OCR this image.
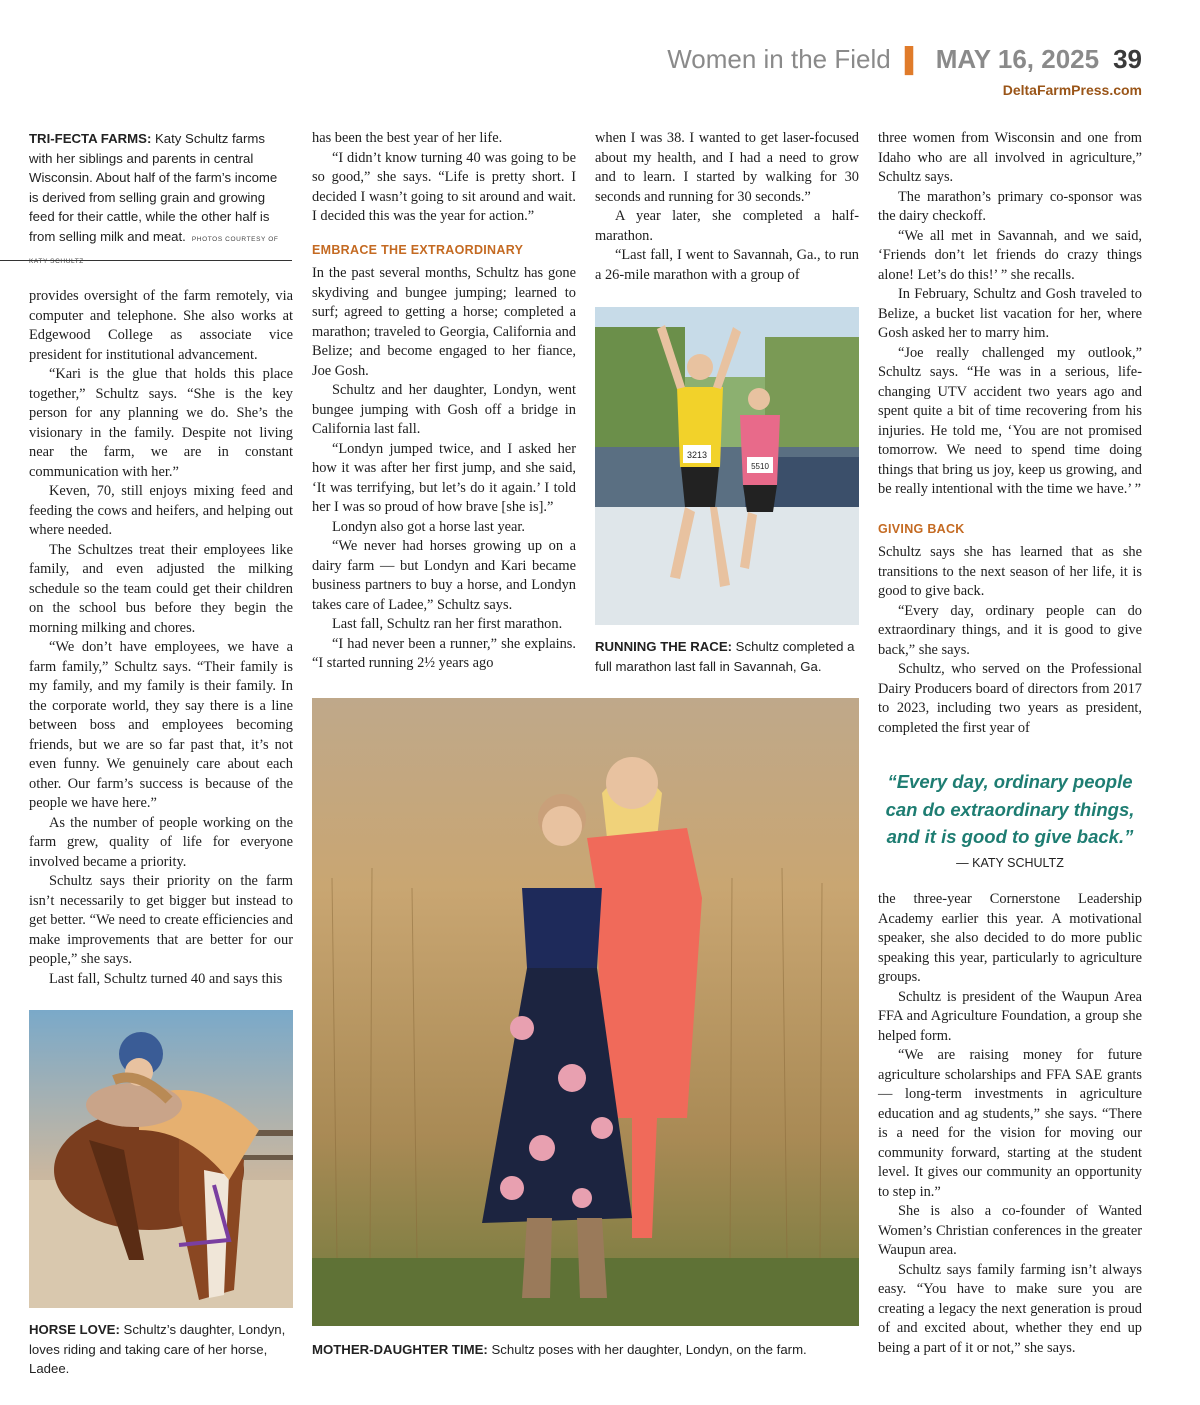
Women in the Field ▌ MAY 16, 2025 39
DeltaFarmPress.com
TRI-FECTA FARMS: Katy Schultz farms with her siblings and parents in central Wisconsin. About half of the farm’s income is derived from selling grain and growing feed for their cattle, while the other half is from selling milk and meat. PHOTOS COURTESY OF KATY SCHULTZ

provides oversight of the farm remotely, via computer and telephone. She also works at Edgewood College as associate vice president for institutional advancement.

“Kari is the glue that holds this place together,” Schultz says. “She is the key person for any planning we do. She’s the visionary in the family. Despite not living near the farm, we are in constant communication with her.”

Keven, 70, still enjoys mixing feed and feeding the cows and heifers, and helping out where needed.

The Schultzes treat their employees like family, and even adjusted the milking schedule so the team could get their children on the school bus before they begin the morning milking and chores.

“We don’t have employees, we have a farm family,” Schultz says. “Their family is my family, and my family is their family. In the corporate world, they say there is a line between boss and employees becoming friends, but we are so far past that, it’s not even funny. We genuinely care about each other. Our farm’s success is because of the people we have here.”

As the number of people working on the farm grew, quality of life for everyone involved became a priority.

Schultz says their priority on the farm isn’t necessarily to get bigger but instead to get better. “We need to create efficiencies and make improvements that are better for our people,” she says.

Last fall, Schultz turned 40 and says this

HORSE LOVE: Schultz’s daughter, Londyn, loves riding and taking care of her horse, Ladee.

has been the best year of her life.

“I didn’t know turning 40 was going to be so good,” she says. “Life is pretty short. I decided I wasn’t going to sit around and wait. I decided this was the year for action.”

EMBRACE THE EXTRAORDINARY

In the past several months, Schultz has gone skydiving and bungee jumping; learned to surf; agreed to getting a horse; completed a marathon; traveled to Georgia, California and Belize; and become engaged to her fiance, Joe Gosh.

Schultz and her daughter, Londyn, went bungee jumping with Gosh off a bridge in California last fall.

“Londyn jumped twice, and I asked her how it was after her first jump, and she said, ‘It was terrifying, but let’s do it again.’ I told her I was so proud of how brave [she is].”

Londyn also got a horse last year.

“We never had horses growing up on a dairy farm — but Londyn and Kari became business partners to buy a horse, and Londyn takes care of Ladee,” Schultz says.

Last fall, Schultz ran her first marathon.

“I had never been a runner,” she explains. “I started running 2½ years ago

when I was 38. I wanted to get laser-focused about my health, and I had a need to grow and to learn. I started by walking for 30 seconds and running for 30 seconds.”

A year later, she completed a half-marathon.

“Last fall, I went to Savannah, Ga., to run a 26-mile marathon with a group of

3213
5510
RUNNING THE RACE: Schultz completed a full marathon last fall in Savannah, Ga.
MOTHER-DAUGHTER TIME: Schultz poses with her daughter, Londyn, on the farm.

three women from Wisconsin and one from Idaho who are all involved in agriculture,” Schultz says.

The marathon’s primary co-sponsor was the dairy checkoff.

“We all met in Savannah, and we said, ‘Friends don’t let friends do crazy things alone! Let’s do this!’ ” she recalls.

In February, Schultz and Gosh traveled to Belize, a bucket list vacation for her, where Gosh asked her to marry him.

“Joe really challenged my outlook,” Schultz says. “He was in a serious, life-changing UTV accident two years ago and spent quite a bit of time recovering from his injuries. He told me, ‘You are not promised tomorrow. We need to spend time doing things that bring us joy, keep us growing, and be really intentional with the time we have.’ ”

GIVING BACK

Schultz says she has learned that as she transitions to the next season of her life, it is good to give back.

“Every day, ordinary people can do extraordinary things, and it is good to give back,” she says.

Schultz, who served on the Professional Dairy Producers board of directors from 2017 to 2023, including two years as president, completed the first year of

“Every day, ordinary people can do extraordinary things, and it is good to give back.”
— KATY SCHULTZ

the three-year Cornerstone Leadership Academy earlier this year. A motivational speaker, she also decided to do more public speaking this year, particularly to agriculture groups.

Schultz is president of the Waupun Area FFA and Agriculture Foundation, a group she helped form.

“We are raising money for future agriculture scholarships and FFA SAE grants — long-term investments in agriculture education and ag students,” she says. “There is a need for the vision for moving our community forward, starting at the student level. It gives our community an opportunity to step in.”

She is also a co-founder of Wanted Women’s Christian conferences in the greater Waupun area.

Schultz says family farming isn’t always easy. “You have to make sure you are creating a legacy the next generation is proud of and excited about, whether they end up being a part of it or not,” she says.
